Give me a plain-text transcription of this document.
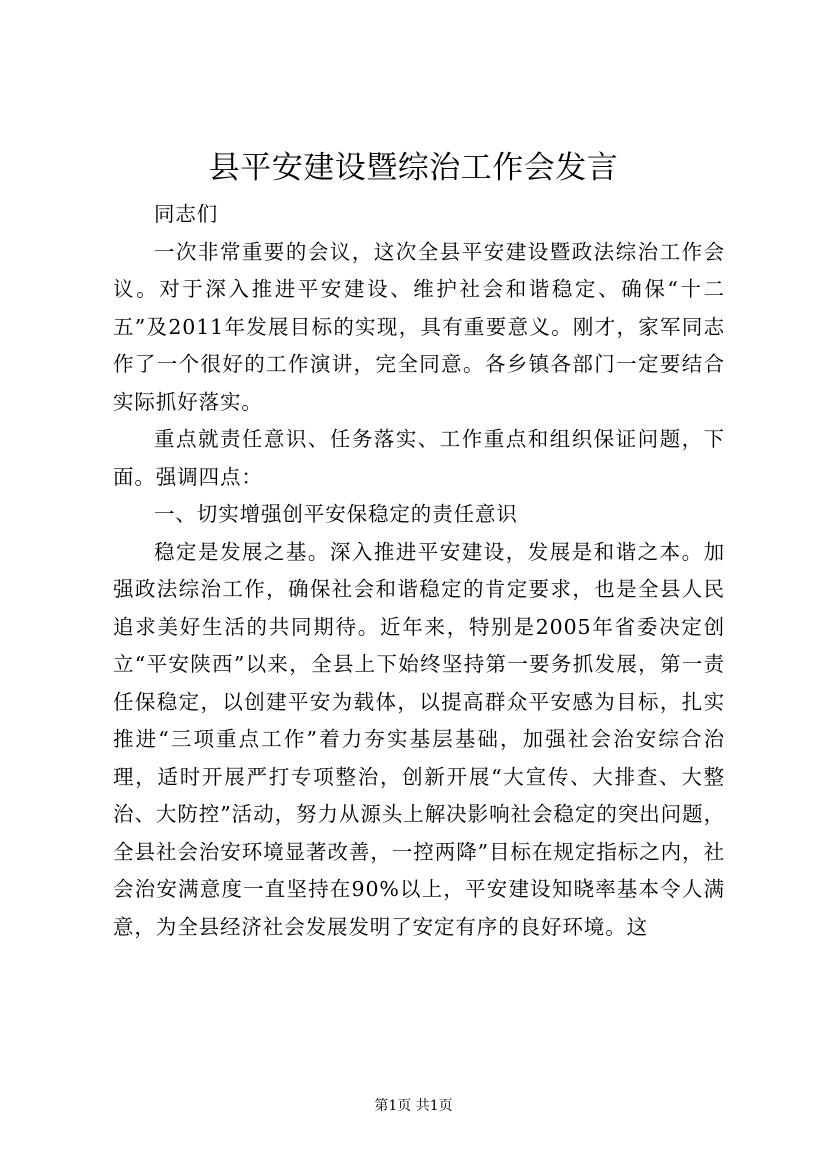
县平安建设暨综治工作会发言

同志们

一次非常重要的会议，这次全县平安建设暨政法综治工作会议。对于深入推进平安建设、维护社会和谐稳定、确保“十二五”及2011年发展目标的实现，具有重要意义。刚才，家军同志作了一个很好的工作演讲，完全同意。各乡镇各部门一定要结合实际抓好落实。

重点就责任意识、任务落实、工作重点和组织保证问题，下面。强调四点：

一、切实增强创平安保稳定的责任意识

稳定是发展之基。深入推进平安建设，发展是和谐之本。加强政法综治工作，确保社会和谐稳定的肯定要求，也是全县人民追求美好生活的共同期待。近年来，特别是2005年省委决定创立“平安陕西”以来，全县上下始终坚持第一要务抓发展，第一责任保稳定，以创建平安为载体，以提高群众平安感为目标，扎实推进“三项重点工作”着力夯实基层基础，加强社会治安综合治理，适时开展严打专项整治，创新开展“大宣传、大排查、大整治、大防控”活动，努力从源头上解决影响社会稳定的突出问题，全县社会治安环境显著改善，一控两降”目标在规定指标之内，社会治安满意度一直坚持在90%以上，平安建设知晓率基本令人满意，为全县经济社会发展发明了安定有序的良好环境。这

第1页 共1页
